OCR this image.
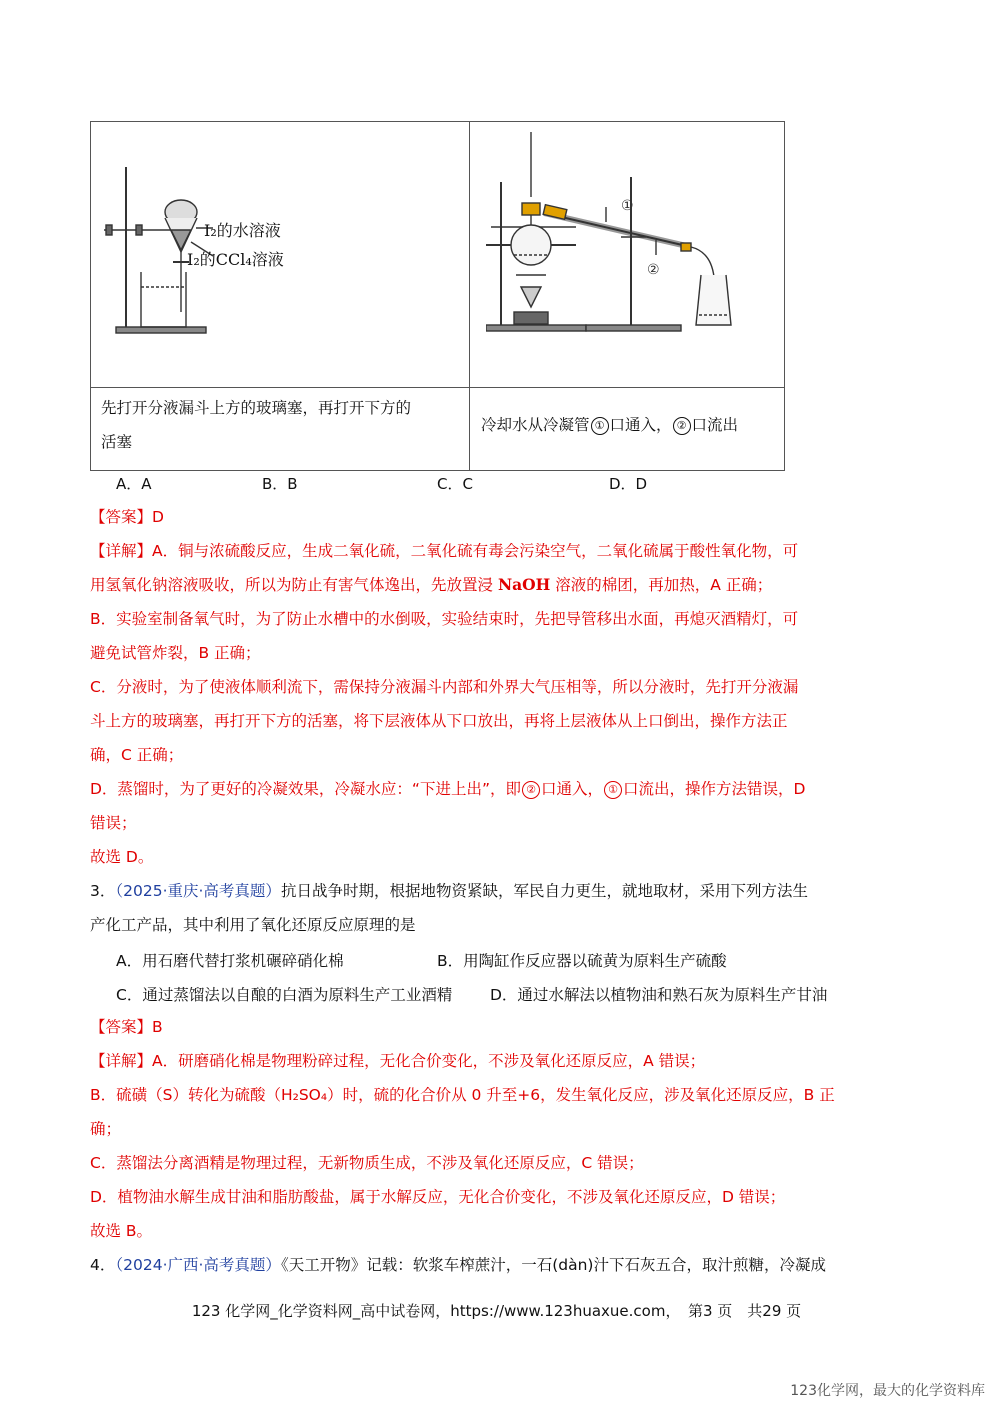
I₂的水溶液
I₂的CCl₄溶液
①
②
先打开分液漏斗上方的玻璃塞，再打开下方的
活塞
冷却水从冷凝管 ① 口通入， ② 口流出
A．A	B．B	C．C	D．D
【答案】D
【详解】A．铜与浓硫酸反应，生成二氧化硫，二氧化硫有毒会污染空气，二氧化硫属于酸性氧化物，可
用氢氧化钠溶液吸收，所以为防止有害气体逸出，先放置浸 NaOH 溶液的棉团，再加热，A 正确；
B．实验室制备氧气时，为了防止水槽中的水倒吸，实验结束时，先把导管移出水面，再熄灭酒精灯，可
避免试管炸裂，B 正确；
C．分液时，为了使液体顺利流下，需保持分液漏斗内部和外界大气压相等，所以分液时，先打开分液漏
斗上方的玻璃塞，再打开下方的活塞，将下层液体从下口放出，再将上层液体从上口倒出，操作方法正
确，C 正确；
D．蒸馏时，为了更好的冷凝效果，冷凝水应：“下进上出”，即 ② 口通入， ① 口流出，操作方法错误，D
错误；
故选 D。
3．（2025·重庆·高考真题）抗日战争时期，根据地物资紧缺，军民自力更生，就地取材，采用下列方法生
产化工产品，其中利用了氧化还原反应原理的是
A．用石磨代替打浆机碾碎硝化棉	B．用陶缸作反应器以硫黄为原料生产硫酸
C．通过蒸馏法以自酿的白酒为原料生产工业酒精 D．通过水解法以植物油和熟石灰为原料生产甘油
【答案】B
【详解】A．研磨硝化棉是物理粉碎过程，无化合价变化，不涉及氧化还原反应，A 错误；
B．硫磺（S）转化为硫酸（H₂SO₄）时，硫的化合价从 0 升至+6，发生氧化反应，涉及氧化还原反应，B 正
确；
C．蒸馏法分离酒精是物理过程，无新物质生成，不涉及氧化还原反应，C 错误；
D．植物油水解生成甘油和脂肪酸盐，属于水解反应，无化合价变化，不涉及氧化还原反应，D 错误；
故选 B。
4．（2024·广西·高考真题）《天工开物》记载：软浆车榨蔗汁，一石(dàn)汁下石灰五合，取汁煎糖，冷凝成
123 化学网_化学资料网_高中试卷网，https://www.123huaxue.com，　第3 页　共29 页
123化学网，最大的化学资料库
